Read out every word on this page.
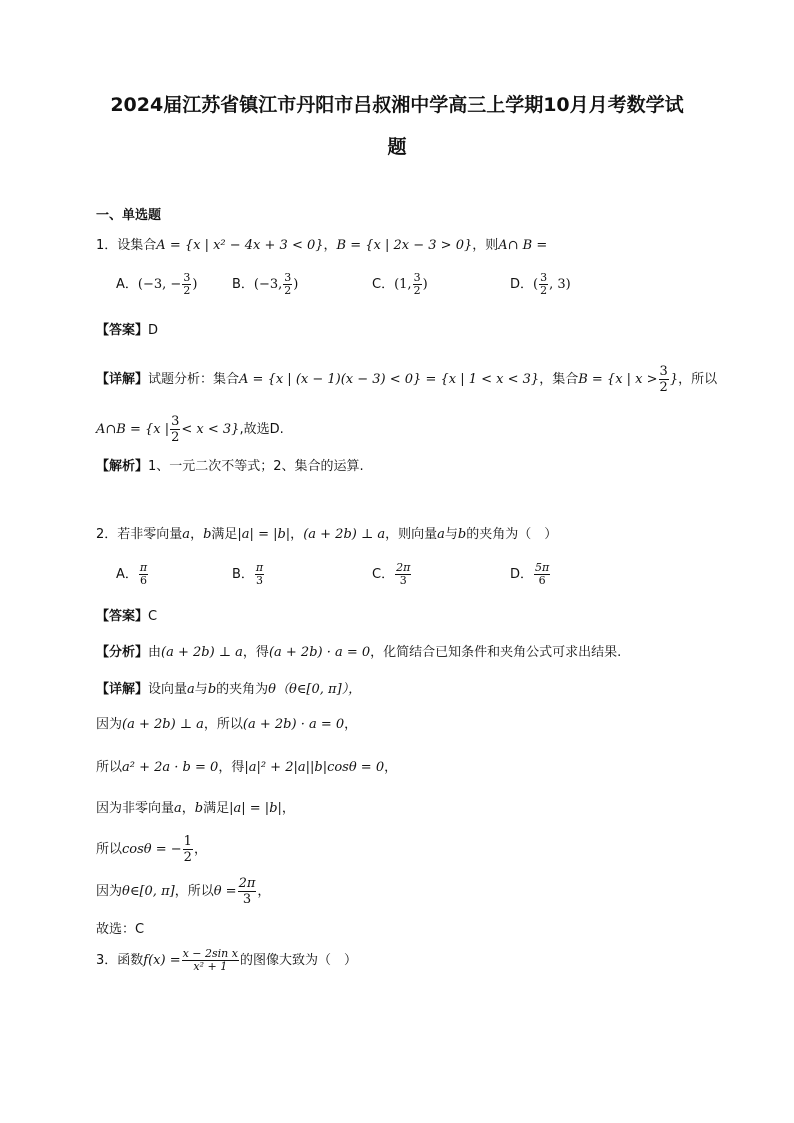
2024届江苏省镇江市丹阳市吕叔湘中学高三上学期10月月考数学试
题
一、单选题
1．设集合A = {x | x² − 4x + 3 < 0}，B = {x | 2x − 3 > 0}，则A∩ B =
A．(−3, − $\frac{3}{2}$ )	B．(−3, $\frac{3}{2}$ )	C．(1, $\frac{3}{2}$ )	D．( $\frac{3}{2}$ , 3)
【答案】D
【详解】试题分析：集合A = {x | (x − 1)(x − 3) < 0} = {x | 1 < x < 3}，集合B = {x | $x > \frac{3}{2}$ }，所以
A∩B = {x | $\frac{3}{2} < x < 3$},故选D.
【解析】1、一元二次不等式；2、集合的运算.
2．若非零向量a，b满足|a| = |b|，(a + 2b) ⊥ a，则向量a与b的夹角为（　）
A． $\frac{\pi}{6}$	B． $\frac{\pi}{3}$	C． $\frac{2\pi}{3}$	D． $\frac{5\pi}{6}$
【答案】C
【分析】由(a + 2b) ⊥ a，得(a + 2b) · a = 0，化简结合已知条件和夹角公式可求出结果.
【详解】设向量a与b的夹角为θ（θ∈[0, π]），
因为(a + 2b) ⊥ a，所以(a + 2b) · a = 0，
所以a² + 2a · b = 0，得|a|² + 2|a||b|cosθ = 0，
因为非零向量a，b满足|a| = |b|，
所以cosθ = − $\frac{1}{2}$ ，
因为θ∈[0, π]，所以$\theta = \frac{2\pi}{3}$ ，
故选：C
3．函数$f(x) = \frac{\text{x − 2sin x}}{\text{x² + 1}}$ 的图像大致为（　）
